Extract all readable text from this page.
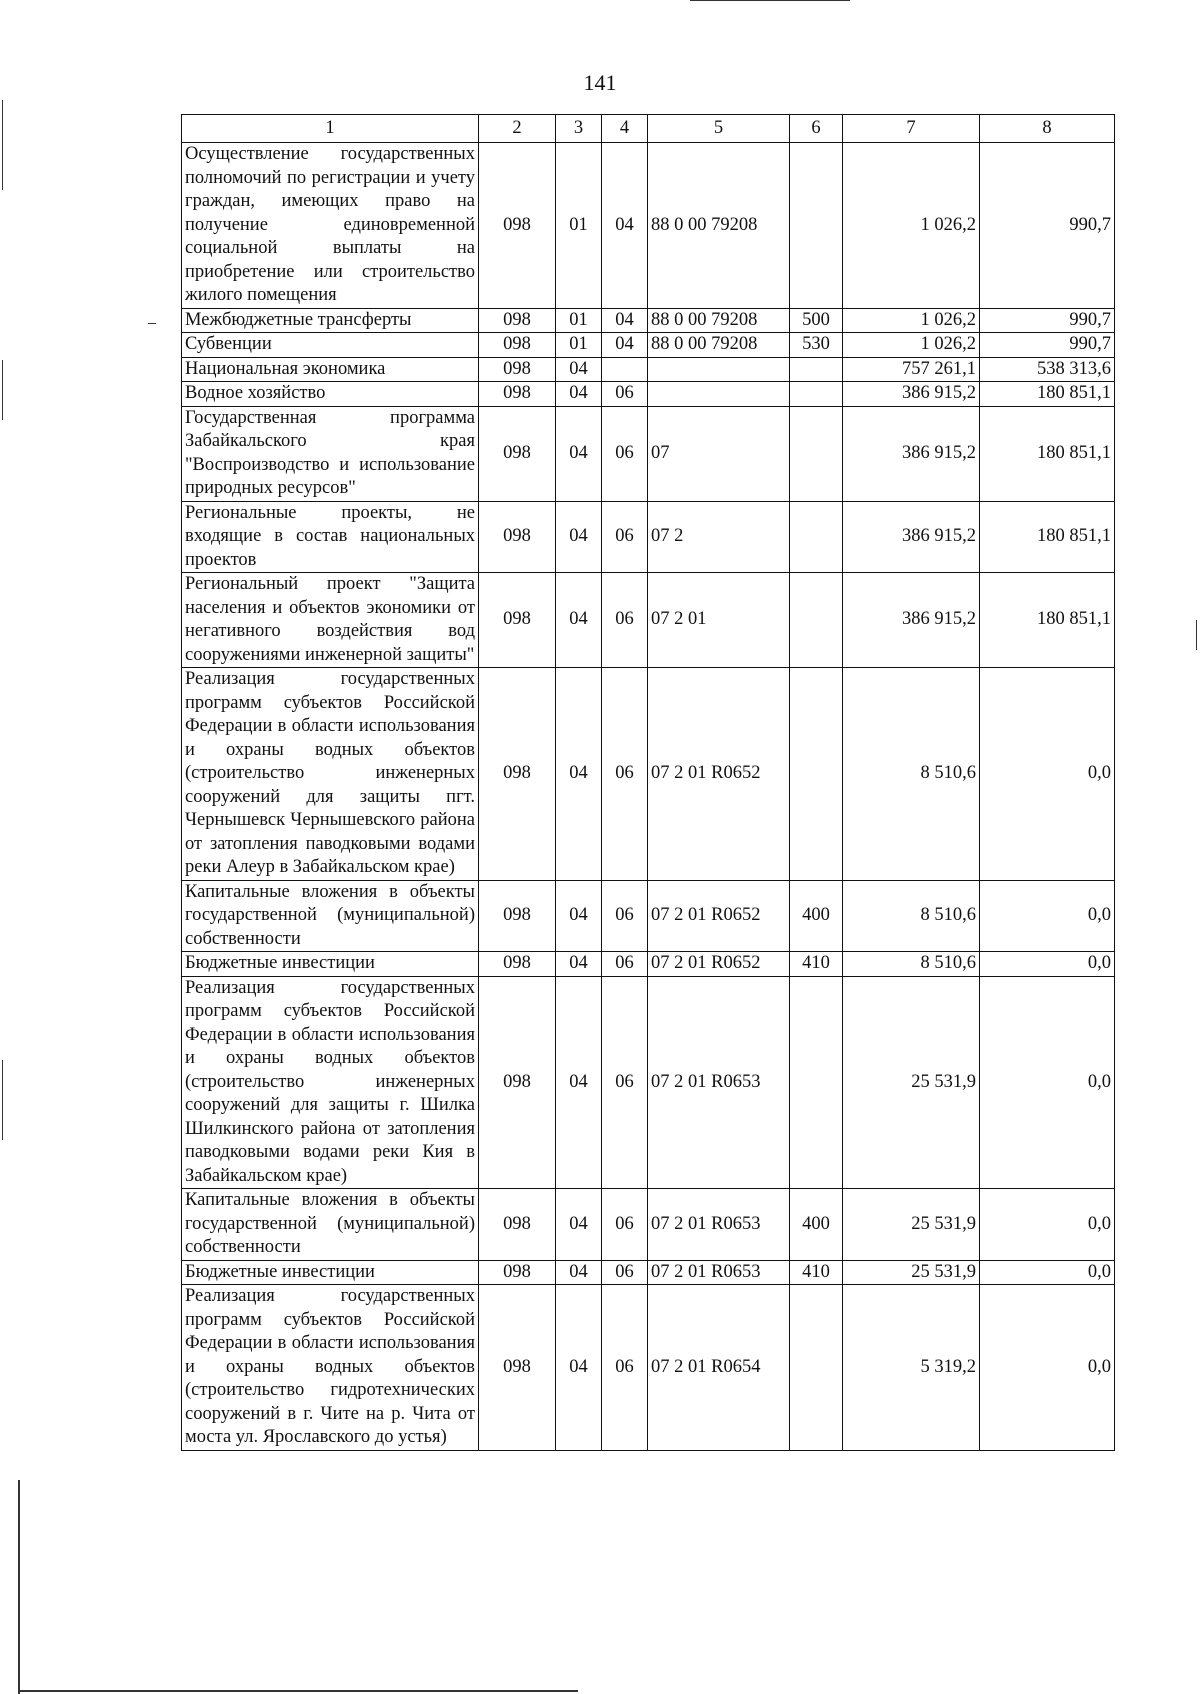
141
1	2	3	4	5	6	7	8
Осуществление государственных полномочий по регистрации и учету граждан, имеющих право на получение единовременной социальной выплаты на приобретение или строительство жилого помещения	098	01	04	88 0 00 79208		1 026,2	990,7
Межбюджетные трансферты	098	01	04	88 0 00 79208	500	1 026,2	990,7
Субвенции	098	01	04	88 0 00 79208	530	1 026,2	990,7
Национальная экономика	098	04				757 261,1	538 313,6
Водное хозяйство	098	04	06			386 915,2	180 851,1
Государственная программа Забайкальского края "Воспроизводство и использование природных ресурсов"	098	04	06	07		386 915,2	180 851,1
Региональные проекты, не входящие в состав национальных проектов	098	04	06	07 2		386 915,2	180 851,1
Региональный проект "Защита населения и объектов экономики от негативного воздействия вод сооружениями инженерной защиты"	098	04	06	07 2 01		386 915,2	180 851,1
Реализация государственных программ субъектов Российской Федерации в области использования и охраны водных объектов (строительство инженерных сооружений для защиты пгт. Чернышевск Чернышевского района от затопления паводковыми водами реки Алеур в Забайкальском крае)	098	04	06	07 2 01 R0652		8 510,6	0,0
Капитальные вложения в объекты государственной (муниципальной) собственности	098	04	06	07 2 01 R0652	400	8 510,6	0,0
Бюджетные инвестиции	098	04	06	07 2 01 R0652	410	8 510,6	0,0
Реализация государственных программ субъектов Российской Федерации в области использования и охраны водных объектов (строительство инженерных сооружений для защиты г. Шилка Шилкинского района от затопления паводковыми водами реки Кия в Забайкальском крае)	098	04	06	07 2 01 R0653		25 531,9	0,0
Капитальные вложения в объекты государственной (муниципальной) собственности	098	04	06	07 2 01 R0653	400	25 531,9	0,0
Бюджетные инвестиции	098	04	06	07 2 01 R0653	410	25 531,9	0,0
Реализация государственных программ субъектов Российской Федерации в области использования и охраны водных объектов (строительство гидротехнических сооружений в г. Чите на р. Чита от моста ул. Ярославского до устья)	098	04	06	07 2 01 R0654		5 319,2	0,0
